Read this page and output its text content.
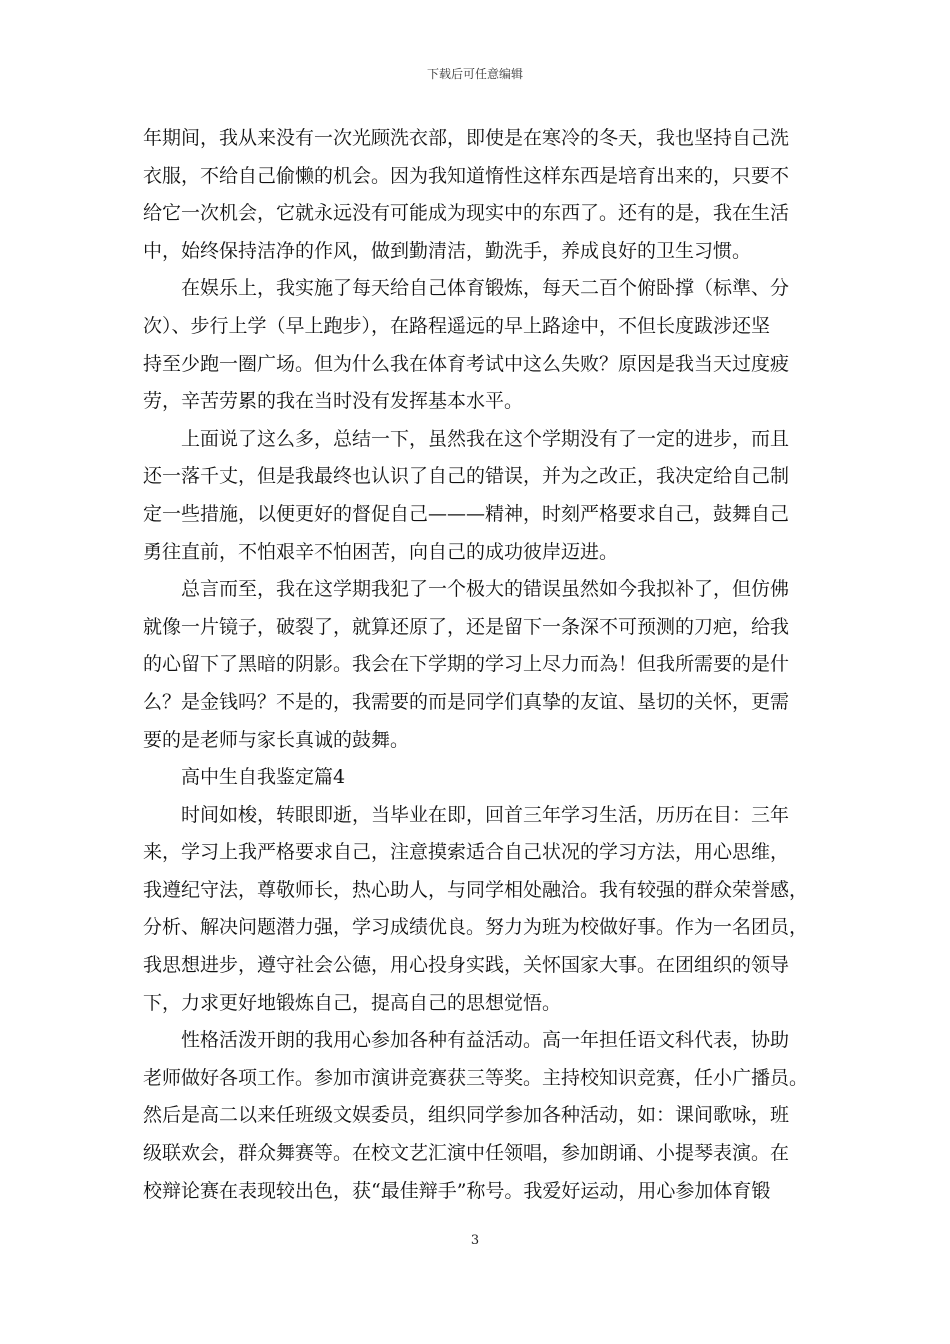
下载后可任意编辑
年期间，我从来没有一次光顾洗衣部，即使是在寒冷的冬天，我也坚持自己洗
衣服，不给自己偷懒的机会。因为我知道惰性这样东西是培育出来的，只要不
给它一次机会，它就永远没有可能成为现实中的东西了。还有的是，我在生活
中，始终保持洁净的作风，做到勤清洁，勤洗手，养成良好的卫生习惯。
在娱乐上，我实施了每天给自己体育锻炼，每天二百个俯卧撑（标準、分
次）、步行上学（早上跑步），在路程遥远的早上路途中，不但长度跋涉还坚
持至少跑一圈广场。但为什么我在体育考试中这么失败？原因是我当天过度疲
劳，辛苦劳累的我在当时没有发挥基本水平。
上面说了这么多，总结一下，虽然我在这个学期没有了一定的进步，而且
还一落千丈，但是我最终也认识了自己的错误，并为之改正，我决定给自己制
定一些措施，以便更好的督促自己———精神，时刻严格要求自己，鼓舞自己
勇往直前，不怕艰辛不怕困苦，向自己的成功彼岸迈进。
总言而至，我在这学期我犯了一个极大的错误虽然如今我拟补了，但仿佛
就像一片镜子，破裂了，就算还原了，还是留下一条深不可预测的刀疤，给我
的心留下了黑暗的阴影。我会在下学期的学习上尽力而為！但我所需要的是什
么？是金钱吗？不是的，我需要的而是同学们真挚的友谊、垦切的关怀，更需
要的是老师与家长真诚的鼓舞。
高中生自我鉴定篇4
时间如梭，转眼即逝，当毕业在即，回首三年学习生活，历历在目：三年
来，学习上我严格要求自己，注意摸索适合自己状况的学习方法，用心思维，
我遵纪守法，尊敬师长，热心助人，与同学相处融洽。我有较强的群众荣誉感，
分析、解决问题潜力强，学习成绩优良。努力为班为校做好事。作为一名团员，
我思想进步，遵守社会公德，用心投身实践，关怀国家大事。在团组织的领导
下，力求更好地锻炼自己，提高自己的思想觉悟。
性格活泼开朗的我用心参加各种有益活动。高一年担任语文科代表，协助
老师做好各项工作。参加市演讲竞赛获三等奖。主持校知识竞赛，任小广播员。
然后是高二以来任班级文娱委员，组织同学参加各种活动，如：课间歌咏，班
级联欢会，群众舞赛等。在校文艺汇演中任领唱，参加朗诵、小提琴表演。在
校辩论赛在表现较出色，获“最佳辩手”称号。我爱好运动，用心参加体育锻
3
